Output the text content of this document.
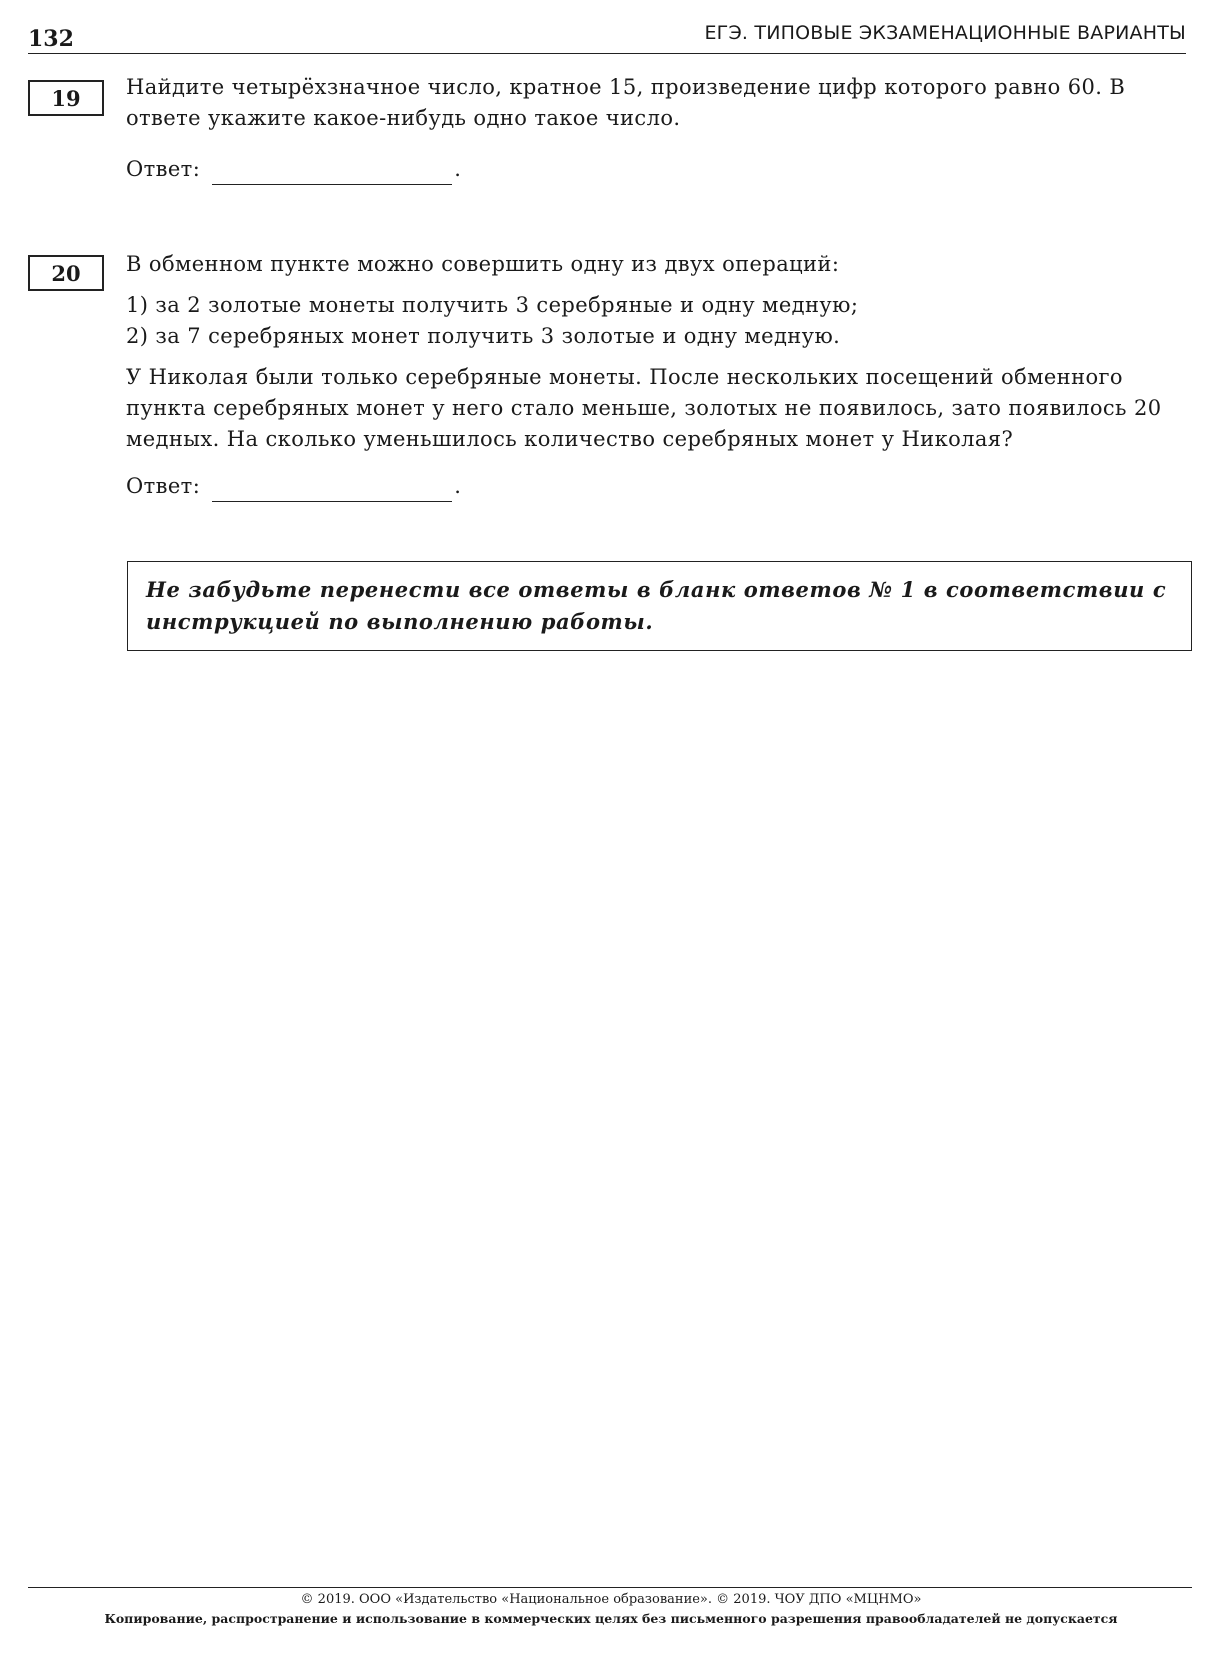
132	ЕГЭ. ТИПОВЫЕ ЭКЗАМЕНАЦИОННЫЕ ВАРИАНТЫ
19	Найдите четырёхзначное число, кратное 15, произведение цифр которого равно 60. В ответе укажите какое-нибудь одно такое число.

Ответ:	.
20	В обменном пункте можно совершить одну из двух операций:

1) за 2 золотые монеты получить 3 серебряные и одну медную;

2) за 7 серебряных монет получить 3 золотые и одну медную.

У Николая были только серебряные монеты. После нескольких посещений обменного пункта серебряных монет у него стало меньше, золотых не появилось, зато появилось 20 медных. На сколько уменьшилось количество серебряных монет у Николая?

Ответ:	.
Не забудьте перенести все ответы в бланк ответов № 1 в соответствии с инструкцией по выполнению работы.
© 2019. ООО «Издательство «Национальное образование». © 2019. ЧОУ ДПО «МЦНМО»
Копирование, распространение и использование в коммерческих целях без письменного разрешения правообладателей не допускается
